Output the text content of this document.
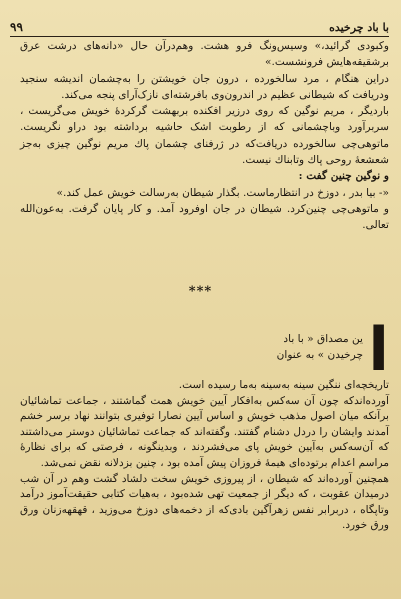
۹۹	با باد چرخیده

وکبودی گرائید،» وسیس‌ونگ فرو هشت. وهم‌درآن حال «دانه‌های درشت عرق برشقیقه‌هایش فرونشست.»

دراین هنگام ، مرد سالخورده ، درون جان خویشتن را به‌چشمان اندیشه سنجید ودریافت که شیطانی عظیم در اندرون‌وی بافرشته‌ای نازک‌آرای پنجه می‌کند.

باردیگر ، مریم نوگین که روی درزیر افکنده بربهشت گرکردهٔ خویش می‌گریست ، سربرآورد وباچشمانی که از رطوبت اشک حاشیه برداشته بود دراو نگریست. ماتوهی‌چی سالخورده دریافت‌که در ژرفنای چشمان پاك مریم نوگین چیزی به‌جز شعشعهٔ روحی پاك وتابناك نیست.

و نوگین چنین گفت :

«- بیا بدر ، دوزخ در انتظارماست. بگذار شیطان به‌رسالت خویش عمل کند.»

و ماتوهی‌چی چنین‌کرد. شیطان در جان اوفرود آمد. و کار پایان گرفت. به‌عون‌الله تعالی.

***
ا

ین مصداق « با باد

چرخیدن » به عنوان

تاریخچه‌ای ننگین سینه به‌سینه به‌ما رسیده است.

آورده‌اندکه چون آن سه‌کس به‌افکار آیین خویش همت گماشتند ، جماعت تماشائیان بر‌آنکه میان اصول مذهب خویش و اساس آیین نصارا توفیری بتوانند نهاد برسر خشم آمدند وایشان را دردل دشنام گفتند. وگفته‌اند که جماعت تماشائیان دوستر می‌داشتند که آن‌سه‌کس به‌آیین خویش پای می‌فشردند ، وبدینگونه ، فرصتی که برای نظارهٔ مراسم اعدام بر‌توده‌ای هیمهٔ فروزان پیش آمده بود ، چنین بزدلانه نقض نمی‌شد.

همچنین آورده‌اند که شیطان ، از پیروزی خویش سخت دلشاد گشت وهم در آن شب درمیدان عقوبت ، که دیگر از جمعیت تهی شده‌بود ، به‌هیات کتابی حقیقت‌آموز درآمد وتاپگاه ، دربرابر نفس زهرآگین بادی‌که از دخمه‌های دوزخ می‌وزید ، قهقهه‌زنان ورق ورق خورد.
